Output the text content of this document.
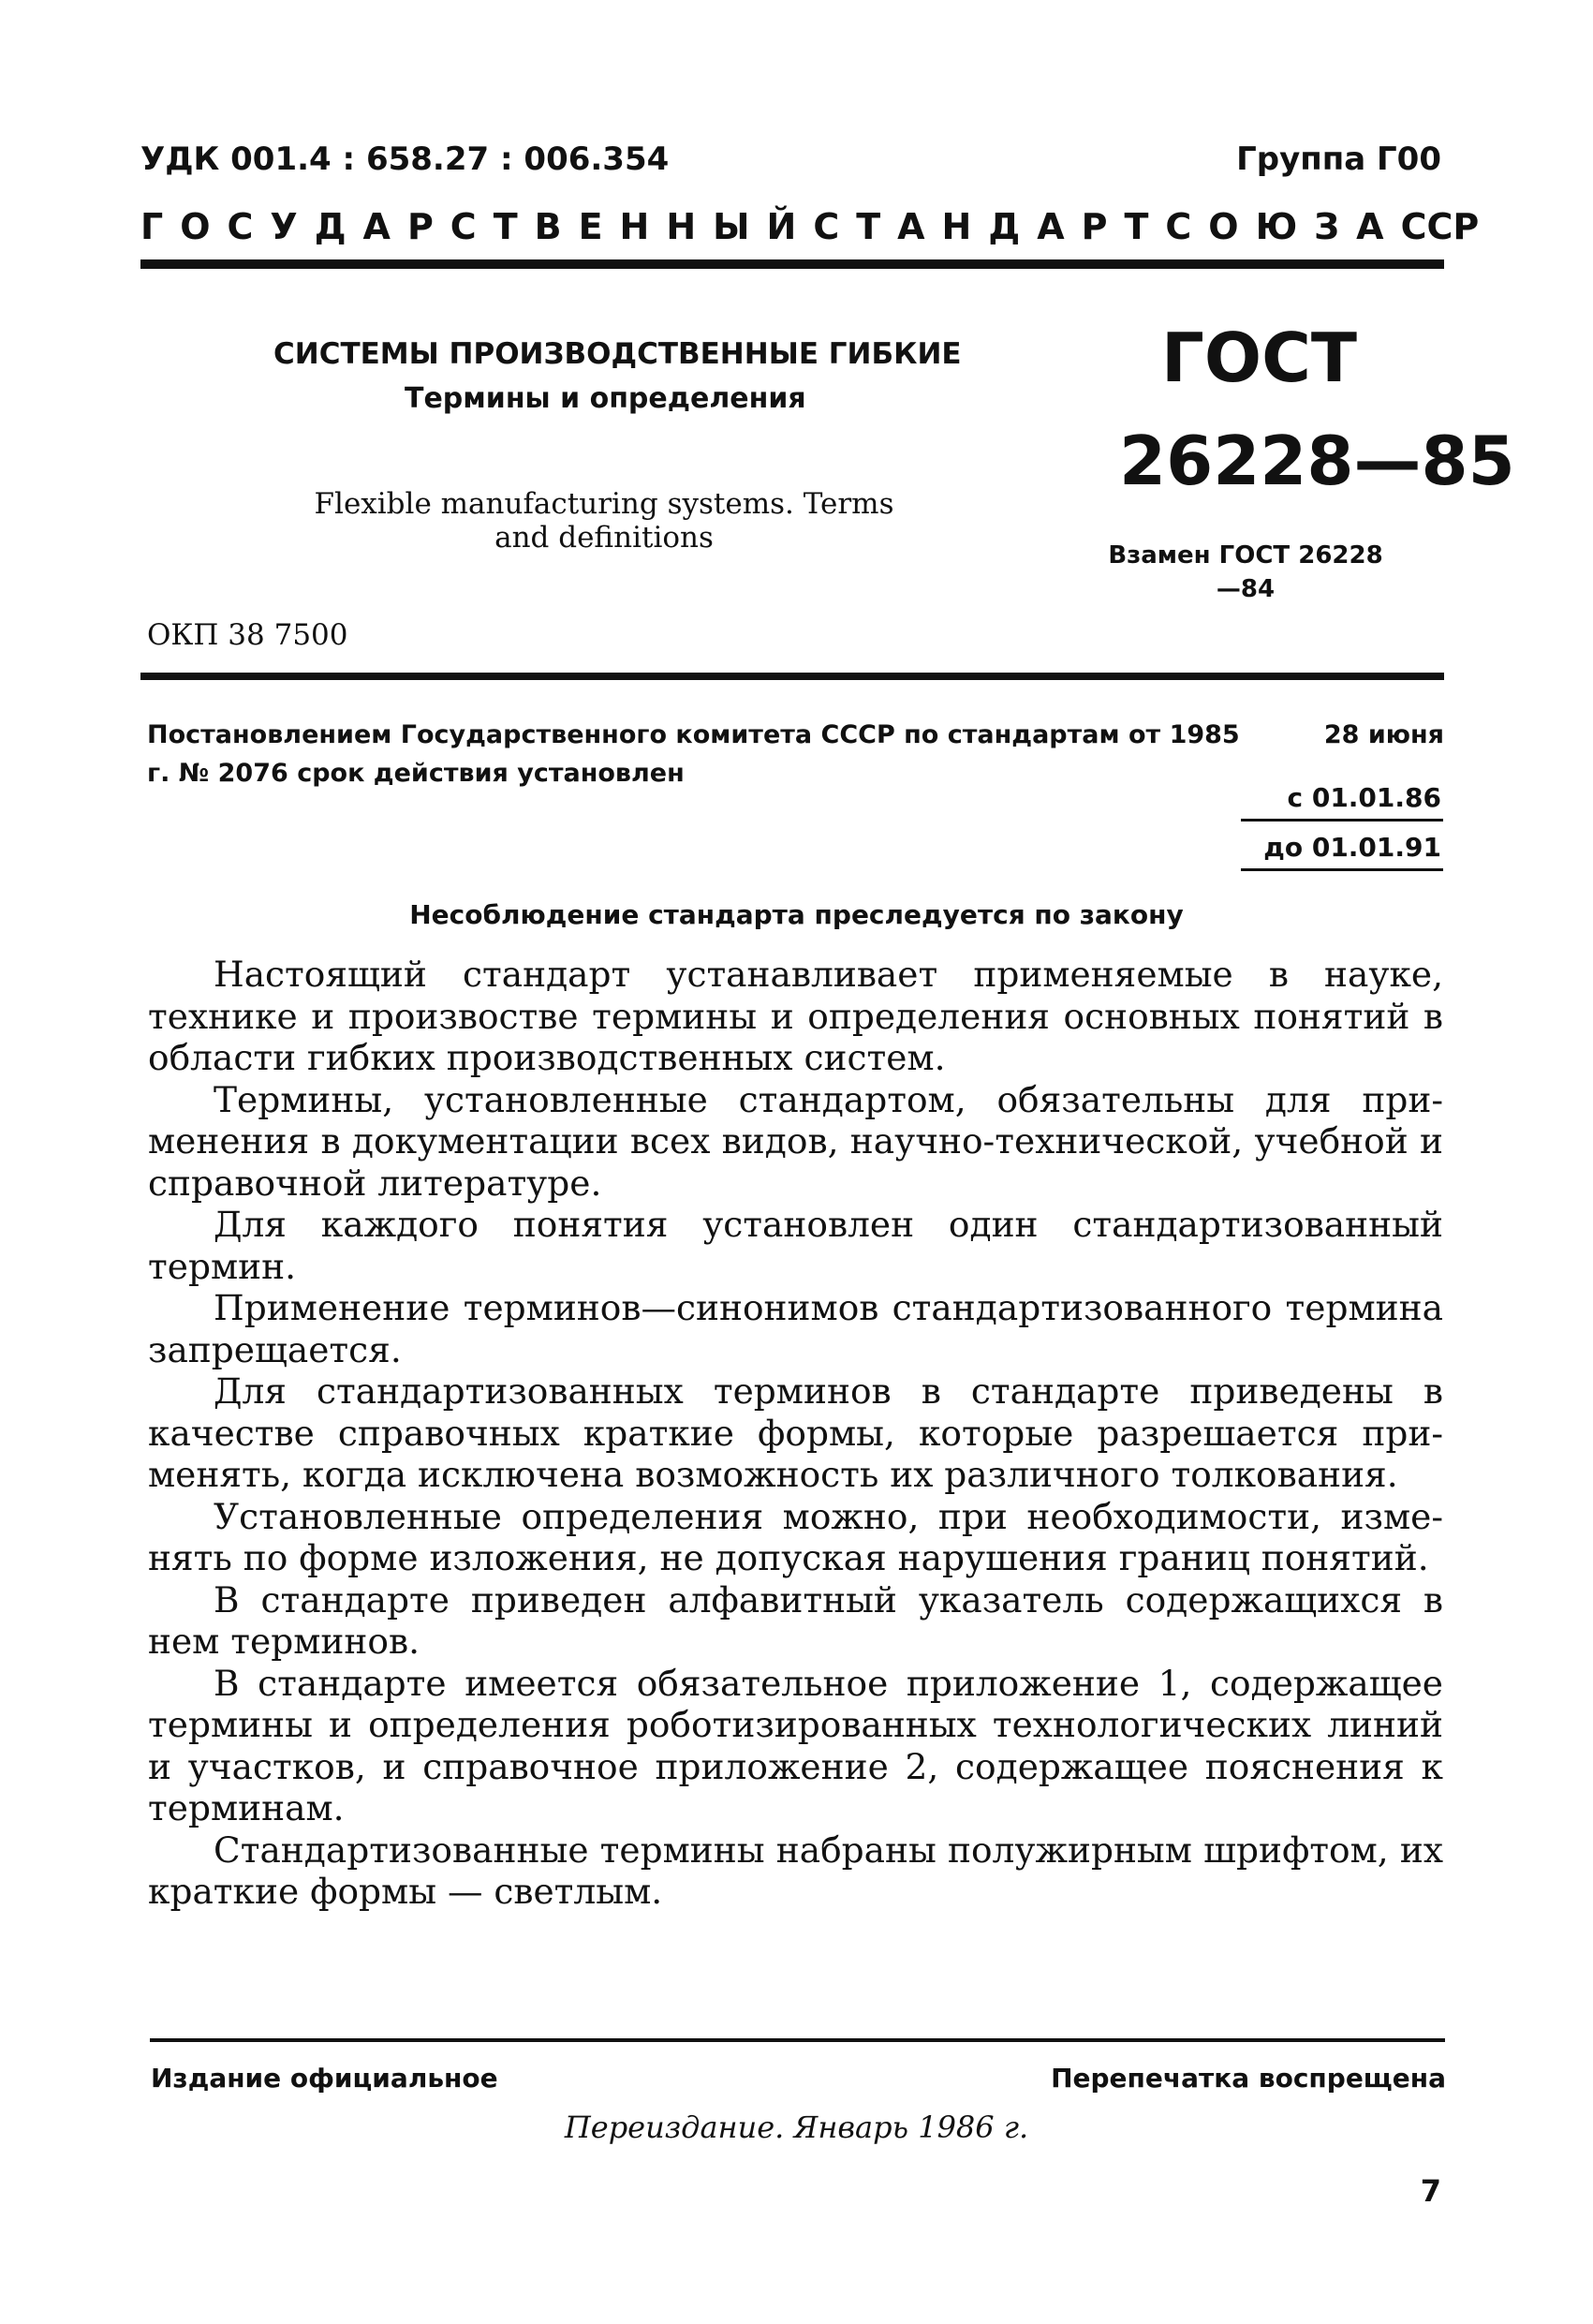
УДК 001.4 : 658.27 : 006.354	Группа Г00
ГОСУДАРСТВЕННЫЙ СТАНДАРТ СОЮЗА ССР
СИСТЕМЫ ПРОИЗВОДСТВЕННЫЕ ГИБКИЕ
Термины и определения
Flexible manufacturing systems. Terms and definitions
ГОСТ
26228—85
Взамен ГОСТ 26228—84
ОКП 38 7500
Постановлением Государственного комитета СССР по стандартам от 1985 г. № 2076 срок действия установлен
28 июня
с 01.01.86
до 01.01.91
Несоблюдение стандарта преследуется по закону

Настоящий стандарт устанавливает применяемые в науке, технике и произвостве термины и определения основных понятий в области гибких производственных систем.

Термины, установленные стандартом, обязательны для применения в документации всех видов, научно-технической, учебной и справочной литературе.

Для каждого понятия установлен один стандартизованный термин.

Применение терминов—синонимов стандартизованного термина запрещается.

Для стандартизованных терминов в стандарте приведены в качестве справочных краткие формы, которые разрешается применять, когда исключена возможность их различного толкования.

Установленные определения можно, при необходимости, изменять по форме изложения, не допуская нарушения границ понятий.

В стандарте приведен алфавитный указатель содержащихся в нем терминов.

В стандарте имеется обязательное приложение 1, содержащее термины и определения роботизированных технологических линий и участков, и справочное приложение 2, содержащее пояснения к терминам.

Стандартизованные термины набраны полужирным шрифтом, их краткие формы — светлым.

Издание официальное	Перепечатка воспрещена
Переиздание. Январь 1986 г.
7
